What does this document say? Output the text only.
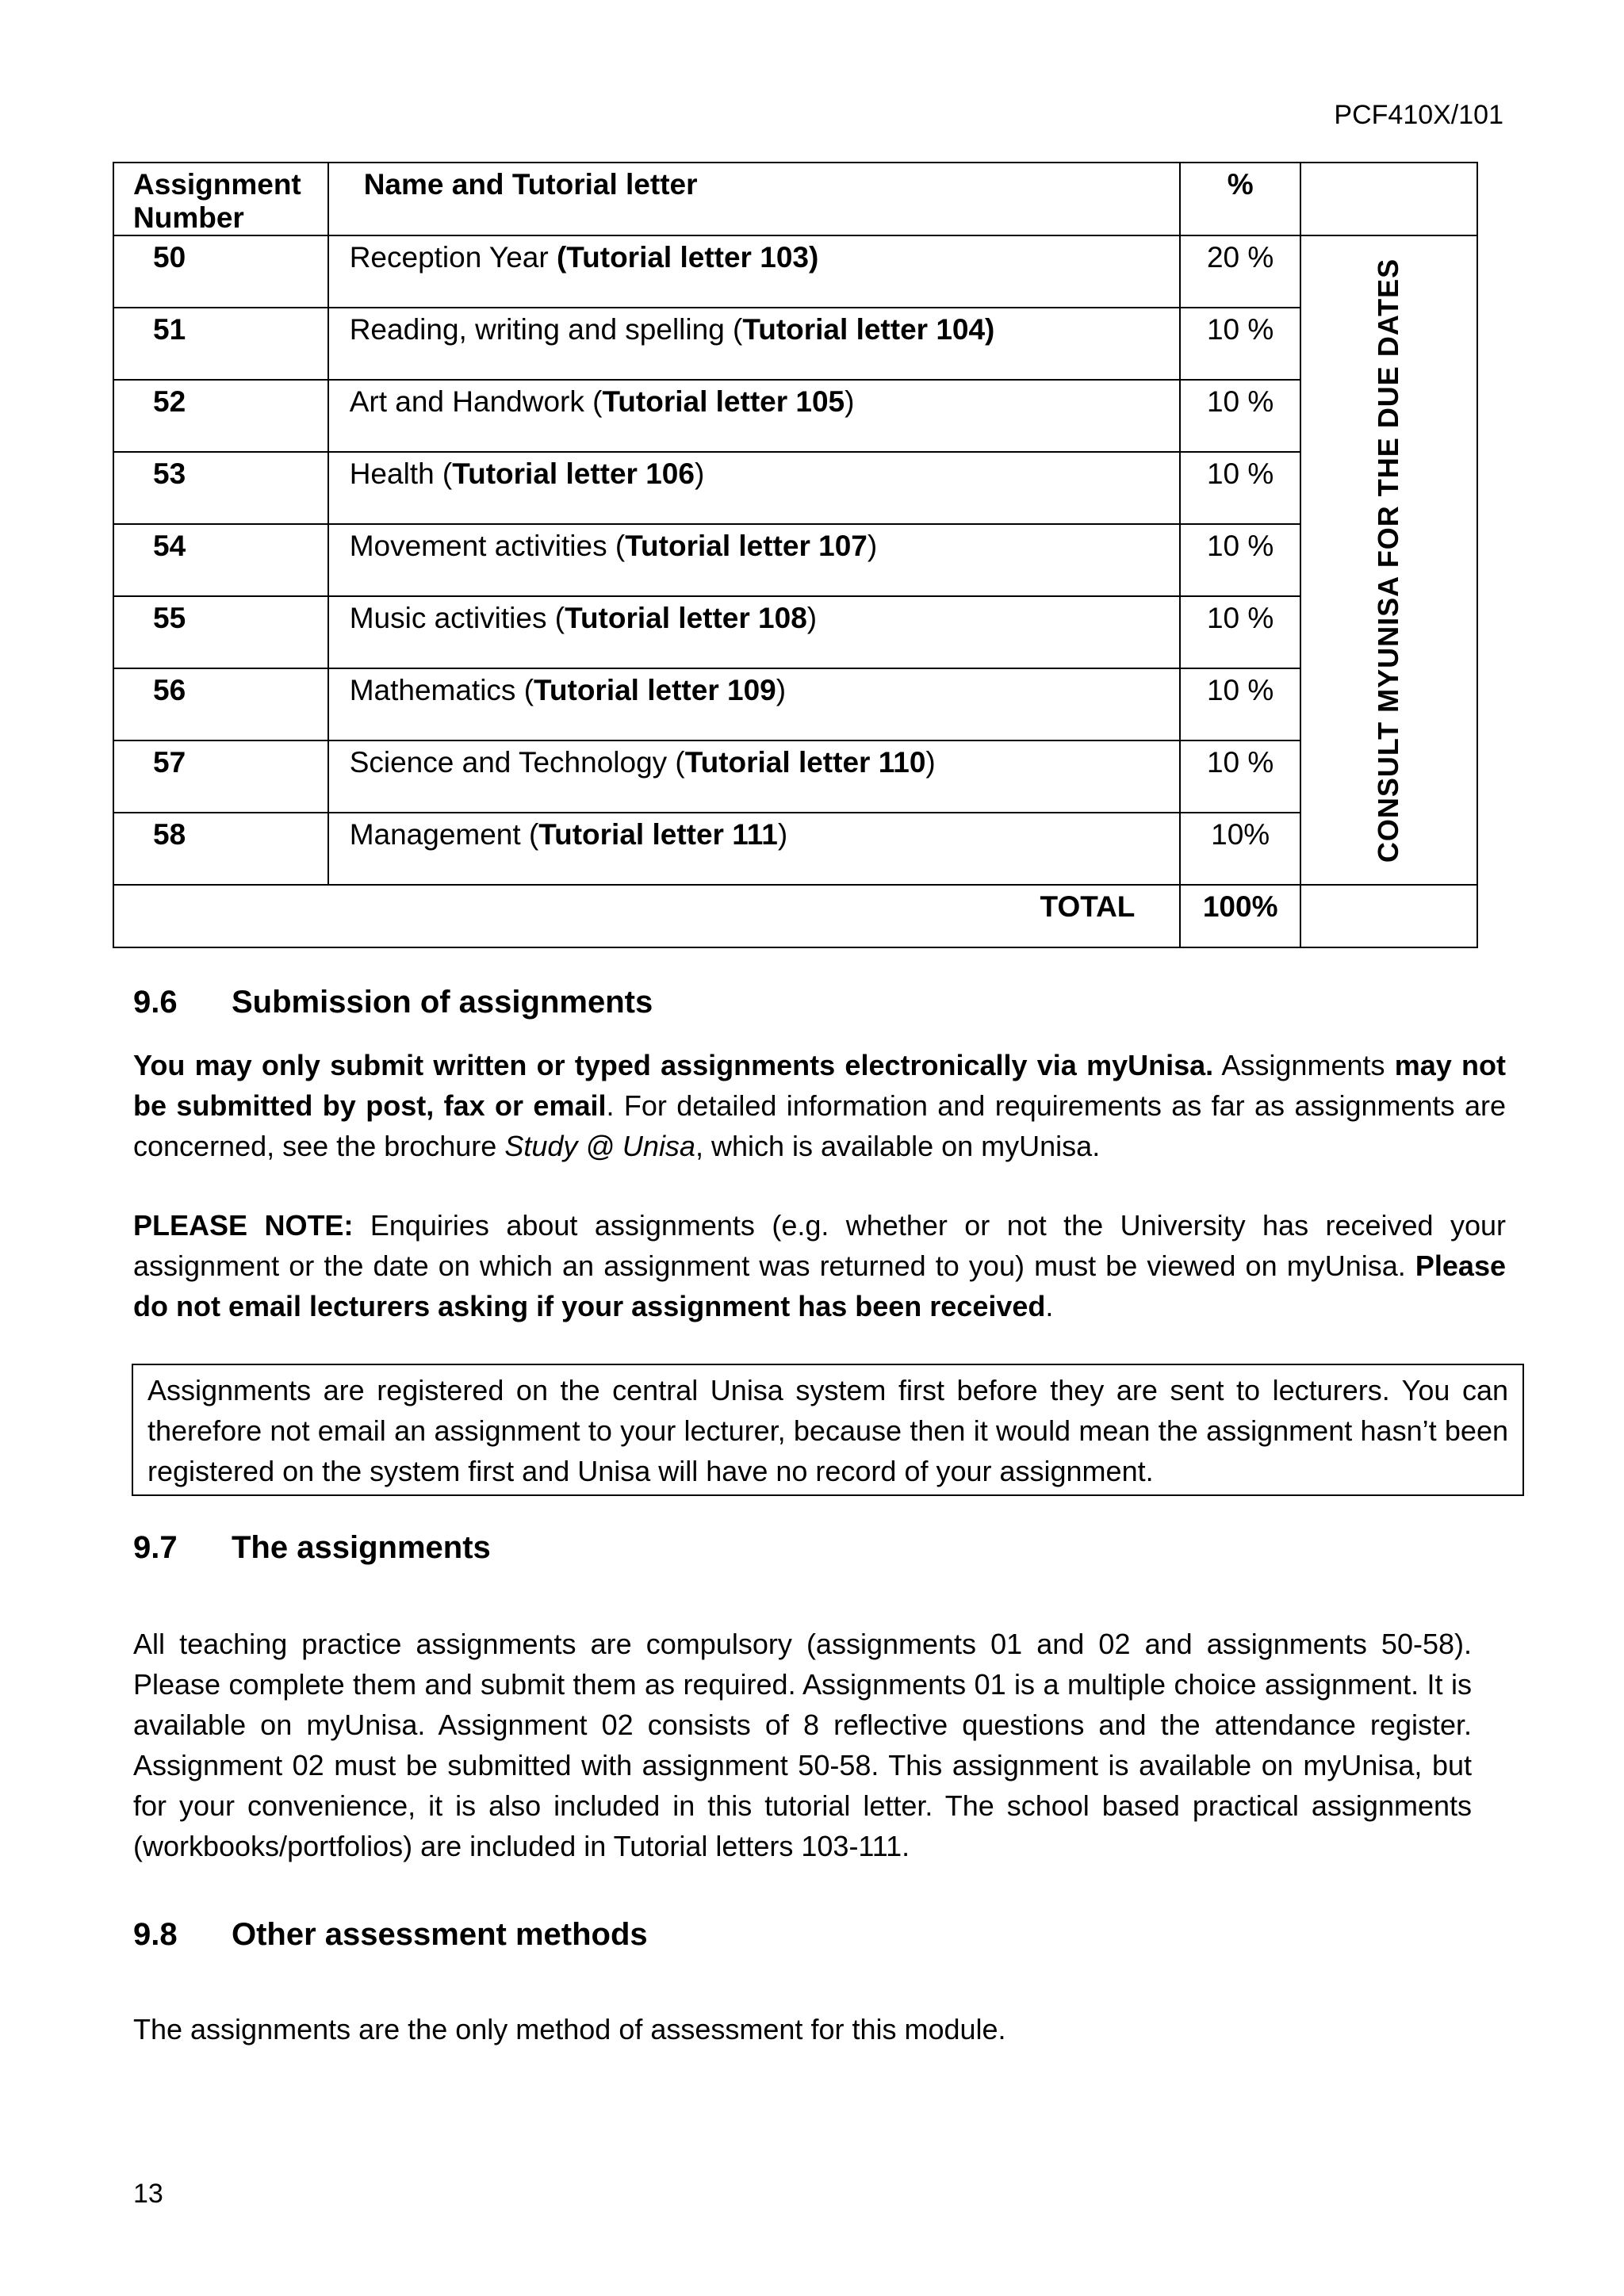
PCF410X/101
Assignment Number	Name and Tutorial letter	%	

50	Reception Year (Tutorial letter 103)	20 %	CONSULT MYUNISA FOR THE DUE DATES

51	Reading, writing and spelling (Tutorial letter 104)	10 %	

52	Art and Handwork (Tutorial letter 105)	10 %	

53	Health (Tutorial letter 106)	10 %	

54	Movement activities (Tutorial letter 107)	10 %	

55	Music activities (Tutorial letter 108)	10 %	

56	Mathematics (Tutorial letter 109)	10 %	

57	Science and Technology (Tutorial letter 110)	10 %	

58	Management (Tutorial letter 111)	10%	

TOTAL		100%	

9.6 Submission of assignments

You may only submit written or typed assignments electronically via myUnisa. Assignments may not be submitted by post, fax or email. For detailed information and requirements as far as assignments are concerned, see the brochure Study @ Unisa, which is available on myUnisa.

PLEASE NOTE: Enquiries about assignments (e.g. whether or not the University has received your assignment or the date on which an assignment was returned to you) must be viewed on myUnisa. Please do not email lecturers asking if your assignment has been received.

Assignments are registered on the central Unisa system first before they are sent to lecturers. You can therefore not email an assignment to your lecturer, because then it would mean the assignment hasn’t been registered on the system first and Unisa will have no record of your assignment.
9.7 The assignments

All teaching practice assignments are compulsory (assignments 01 and 02 and assignments 50-58). Please complete them and submit them as required. Assignments 01 is a multiple choice assignment. It is available on myUnisa. Assignment 02 consists of 8 reflective questions and the attendance register. Assignment 02 must be submitted with assignment 50-58. This assignment is available on myUnisa, but for your convenience, it is also included in this tutorial letter. The school based practical assignments (workbooks/portfolios) are included in Tutorial letters 103-111.

9.8 Other assessment methods

The assignments are the only method of assessment for this module.

13
